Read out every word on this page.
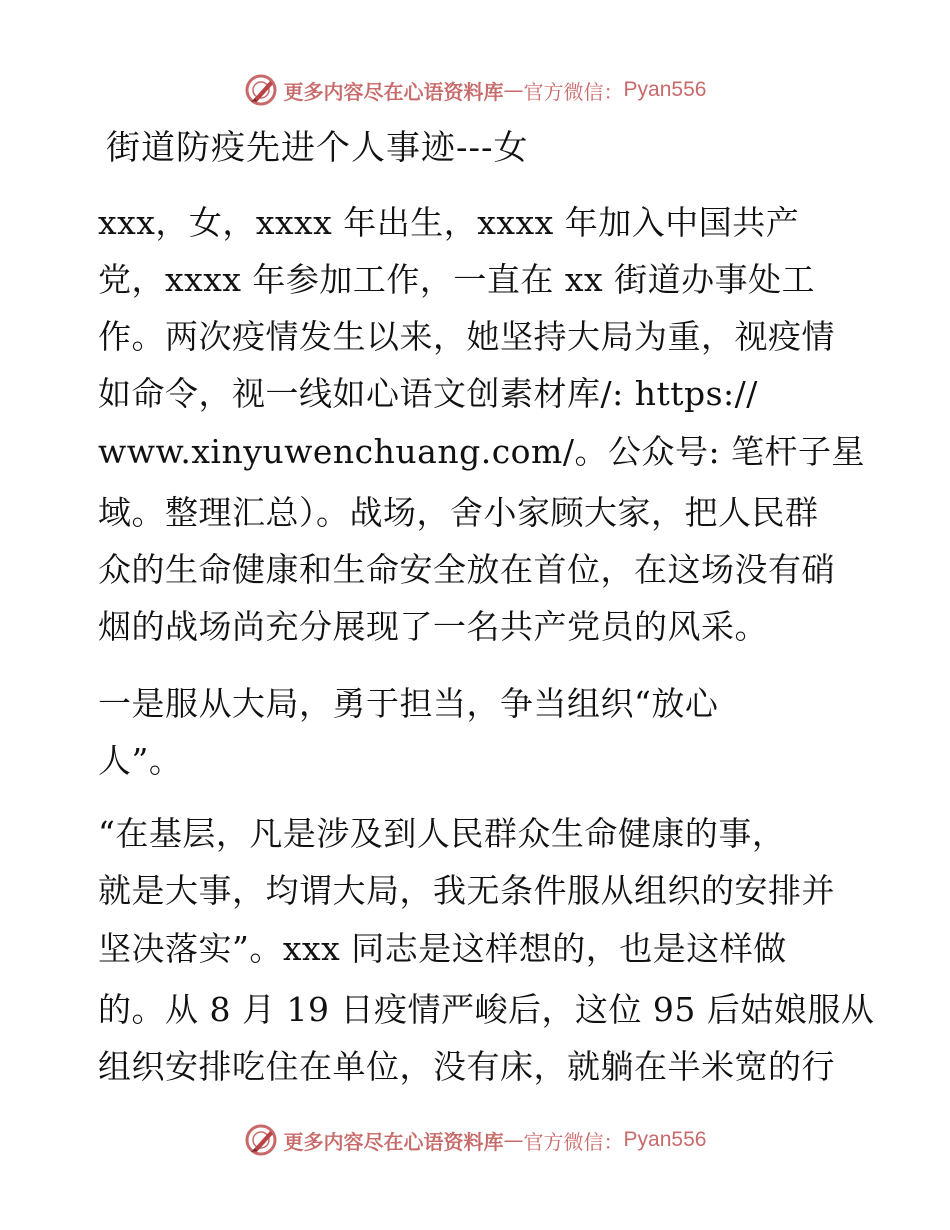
更多内容尽在心语资料库 — 官方微信： Pyan556
街道防疫先进个人事迹---女
xxx，女，xxxx 年出生，xxxx 年加入中国共产
党，xxxx 年参加工作，一直在 xx 街道办事处工
作。两次疫情发生以来，她坚持大局为重，视疫情
如命令，视一线如心语文创素材库/: https://
www.xinyuwenchuang.com/。公众号: 笔杆子星
域。整理汇总）。战场，舍小家顾大家，把人民群
众的生命健康和生命安全放在首位，在这场没有硝
烟的战场尚充分展现了一名共产党员的风采。
一是服从大局，勇于担当，争当组织“放心
人”。
“在基层，凡是涉及到人民群众生命健康的事，
就是大事，均谓大局，我无条件服从组织的安排并
坚决落实”。xxx 同志是这样想的，也是这样做
的。从 8 月 19 日疫情严峻后，这位 95 后姑娘服从
组织安排吃住在单位，没有床，就躺在半米宽的行
更多内容尽在心语资料库 — 官方微信： Pyan556
